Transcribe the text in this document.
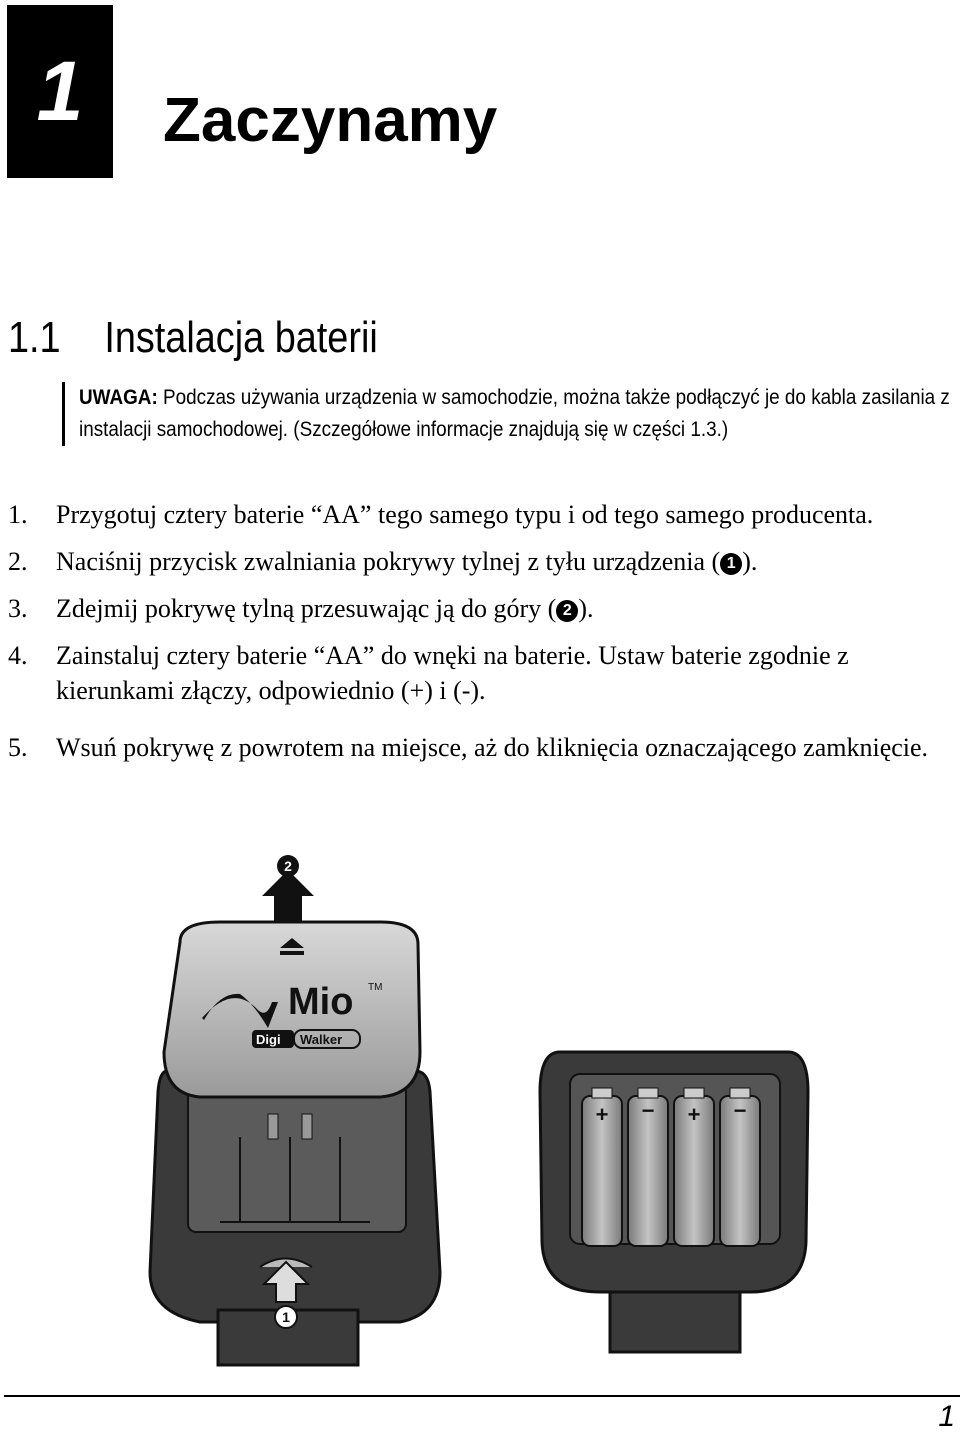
1	Zaczynamy
1.1 Instalacja baterii
UWAGA: Podczas używania urządzenia w samochodzie, można także podłączyć je do kabla zasilania z instalacji samochodowej. (Szczegółowe informacje znajdują się w części 1.3.)
1. Przygotuj cztery baterie “AA” tego samego typu i od tego samego producenta.
2. Naciśnij przycisk zwalniania pokrywy tylnej z tyłu urządzenia ( 1 ).
3. Zdejmij pokrywę tylną przesuwając ją do góry ( 2 ).
4. Zainstaluj cztery baterie “AA” do wnęki na baterie. Ustaw baterie zgodnie z kierunkami złączy, odpowiednio (+) i (-).
5. Wsuń pokrywę z powrotem na miejsce, aż do kliknięcia oznaczającego zamknięcie.
Mio TM
Digi Walker
2
1
+ − + −
1
